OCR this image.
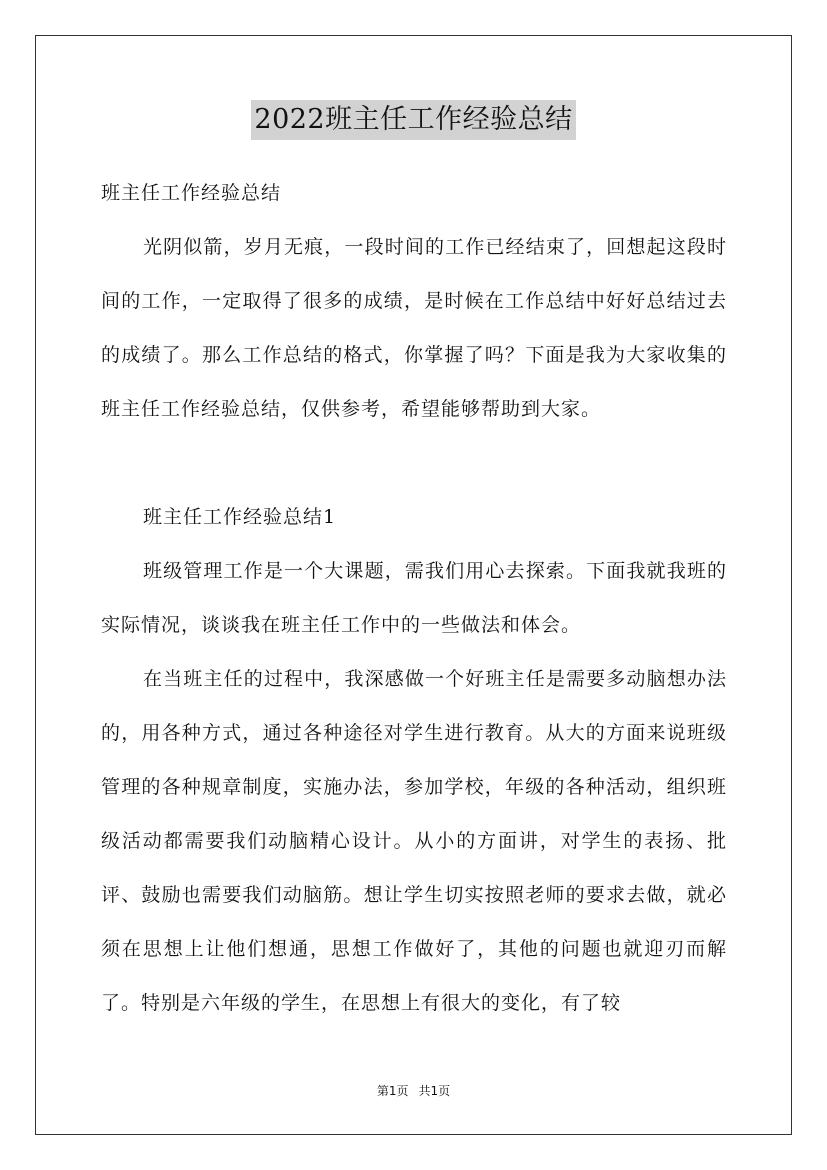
2022班主任工作经验总结

班主任工作经验总结

光阴似箭，岁月无痕，一段时间的工作已经结束了，回想起这段时间的工作，一定取得了很多的成绩，是时候在工作总结中好好总结过去的成绩了。那么工作总结的格式，你掌握了吗？下面是我为大家收集的班主任工作经验总结，仅供参考，希望能够帮助到大家。

班主任工作经验总结1

班级管理工作是一个大课题，需我们用心去探索。下面我就我班的实际情况，谈谈我在班主任工作中的一些做法和体会。

在当班主任的过程中，我深感做一个好班主任是需要多动脑想办法的，用各种方式，通过各种途径对学生进行教育。从大的方面来说班级管理的各种规章制度，实施办法，参加学校，年级的各种活动，组织班级活动都需要我们动脑精心设计。从小的方面讲，对学生的表扬、批评、鼓励也需要我们动脑筋。想让学生切实按照老师的要求去做，就必须在思想上让他们想通，思想工作做好了，其他的问题也就迎刃而解了。特别是六年级的学生，在思想上有很大的变化，有了较

第1页 共1页
